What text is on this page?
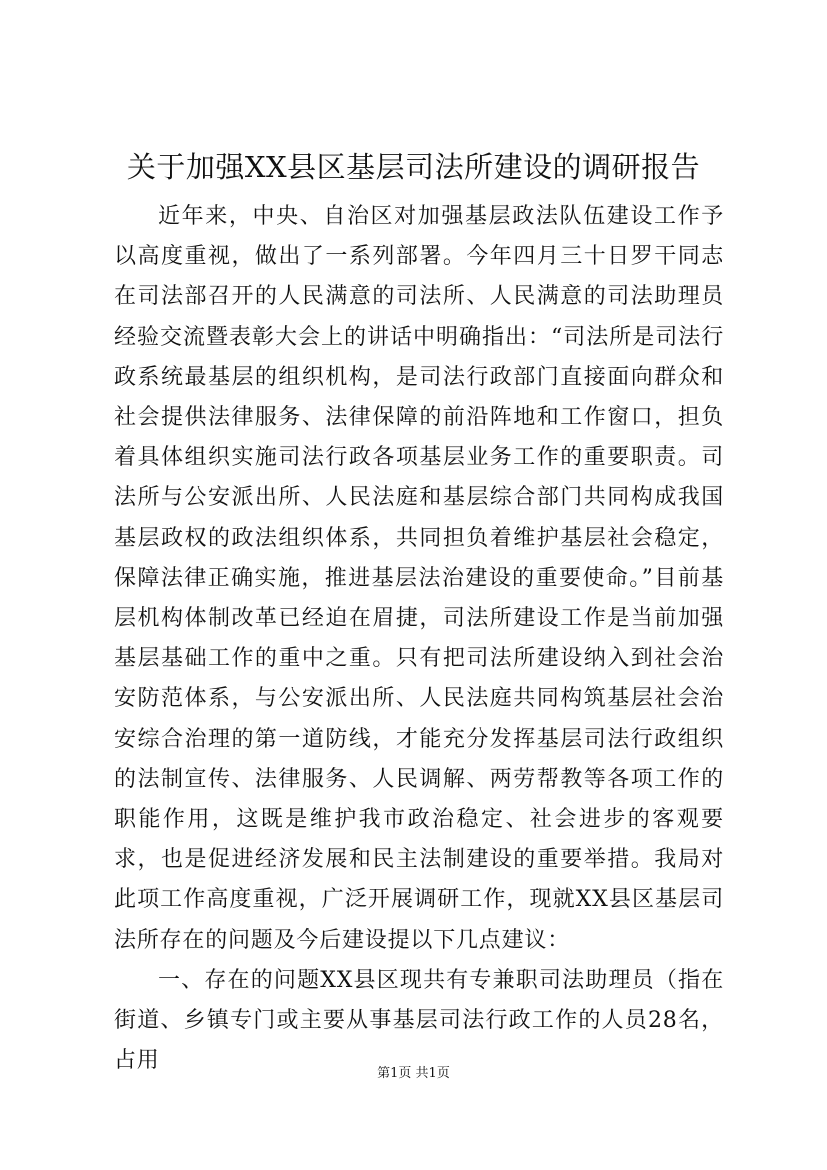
关于加强XX县区基层司法所建设的调研报告

近年来，中央、自治区对加强基层政法队伍建设工作予以高度重视，做出了一系列部署。今年四月三十日罗干同志在司法部召开的人民满意的司法所、人民满意的司法助理员经验交流暨表彰大会上的讲话中明确指出：“司法所是司法行政系统最基层的组织机构，是司法行政部门直接面向群众和社会提供法律服务、法律保障的前沿阵地和工作窗口，担负着具体组织实施司法行政各项基层业务工作的重要职责。司法所与公安派出所、人民法庭和基层综合部门共同构成我国基层政权的政法组织体系，共同担负着维护基层社会稳定，保障法律正确实施，推进基层法治建设的重要使命。”目前基层机构体制改革已经迫在眉捷，司法所建设工作是当前加强基层基础工作的重中之重。只有把司法所建设纳入到社会治安防范体系，与公安派出所、人民法庭共同构筑基层社会治安综合治理的第一道防线，才能充分发挥基层司法行政组织的法制宣传、法律服务、人民调解、两劳帮教等各项工作的职能作用，这既是维护我市政治稳定、社会进步的客观要求，也是促进经济发展和民主法制建设的重要举措。我局对此项工作高度重视，广泛开展调研工作，现就XX县区基层司法所存在的问题及今后建设提以下几点建议：

一、存在的问题XX县区现共有专兼职司法助理员（指在街道、乡镇专门或主要从事基层司法行政工作的人员28名，占用

第1页 共1页
